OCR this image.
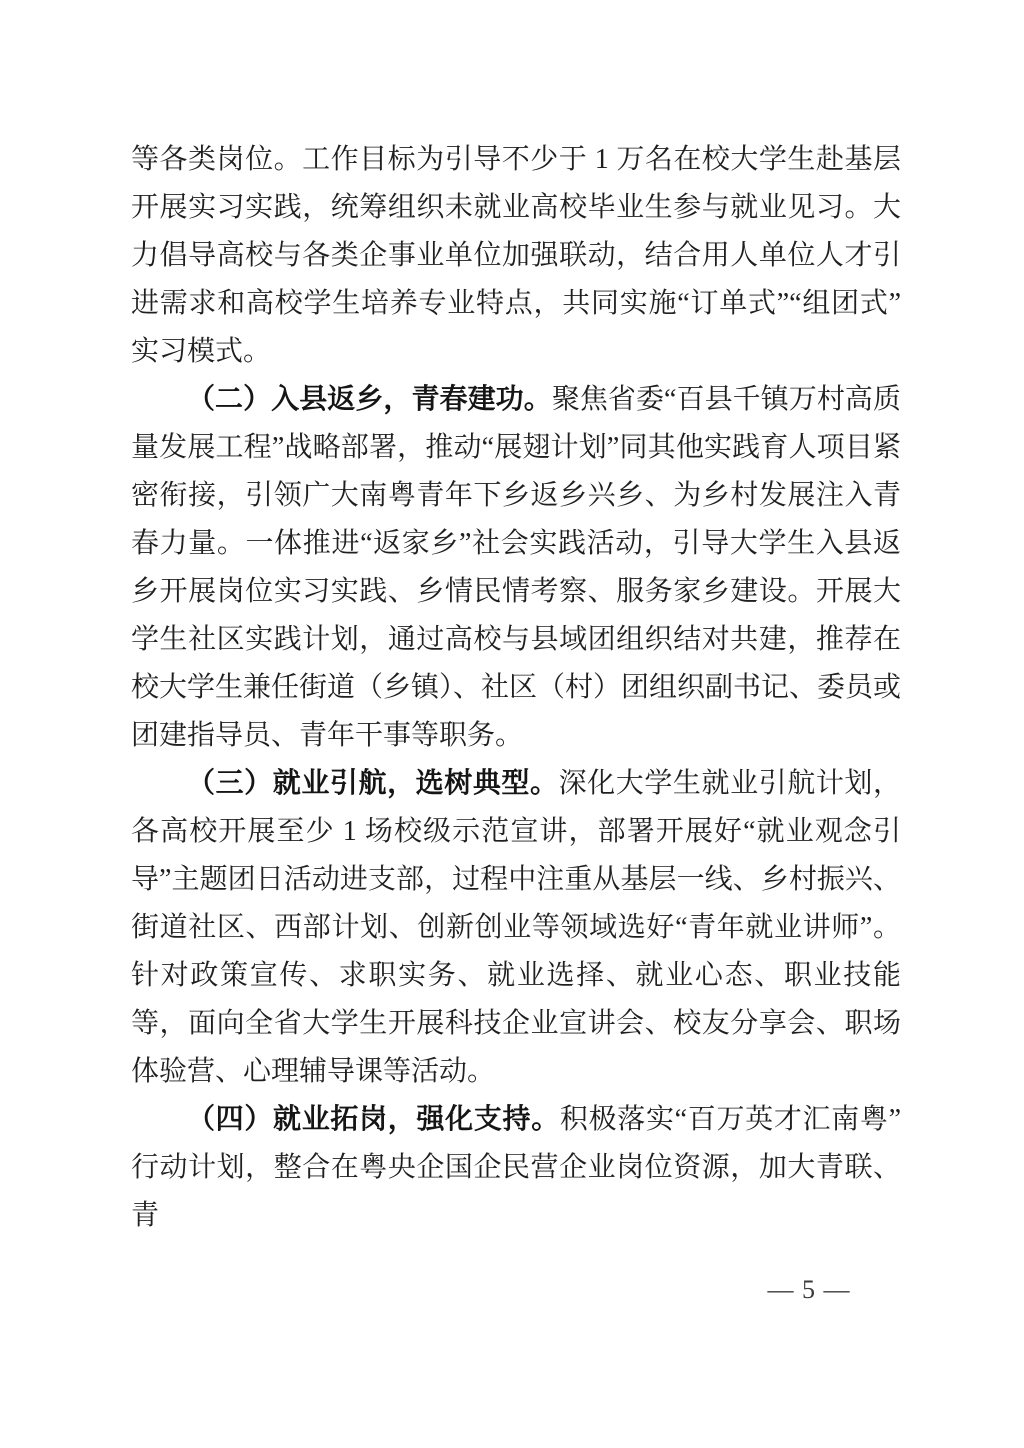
等各类岗位。工作目标为引导不少于 1 万名在校大学生赴基层开展实习实践，统筹组织未就业高校毕业生参与就业见习。大力倡导高校与各类企事业单位加强联动，结合用人单位人才引进需求和高校学生培养专业特点，共同实施“订单式”“组团式”实习模式。

（二）入县返乡，青春建功。聚焦省委“百县千镇万村高质量发展工程”战略部署，推动“展翅计划”同其他实践育人项目紧密衔接，引领广大南粤青年下乡返乡兴乡、为乡村发展注入青春力量。一体推进“返家乡”社会实践活动，引导大学生入县返乡开展岗位实习实践、乡情民情考察、服务家乡建设。开展大学生社区实践计划，通过高校与县域团组织结对共建，推荐在校大学生兼任街道（乡镇）、社区（村）团组织副书记、委员或团建指导员、青年干事等职务。

（三）就业引航，选树典型。深化大学生就业引航计划，各高校开展至少 1 场校级示范宣讲，部署开展好“就业观念引导”主题团日活动进支部，过程中注重从基层一线、乡村振兴、街道社区、西部计划、创新创业等领域选好“青年就业讲师”。针对政策宣传、求职实务、就业选择、就业心态、职业技能等，面向全省大学生开展科技企业宣讲会、校友分享会、职场体验营、心理辅导课等活动。

（四）就业拓岗，强化支持。积极落实“百万英才汇南粤”行动计划，整合在粤央企国企民营企业岗位资源，加大青联、青

— 5 —
